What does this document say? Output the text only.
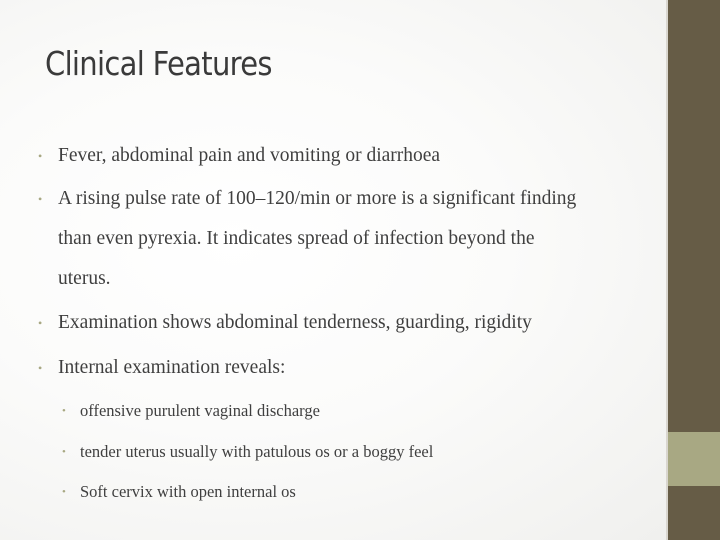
Clinical Features
• Fever, abdominal pain and vomiting or diarrhoea
• A rising pulse rate of 100–120/min or more is a significant finding
than even pyrexia. It indicates spread of infection beyond the
uterus.
• Examination shows abdominal tenderness, guarding, rigidity
• Internal examination reveals:
• offensive purulent vaginal discharge
• tender uterus usually with patulous os or a boggy feel
• Soft cervix with open internal os
